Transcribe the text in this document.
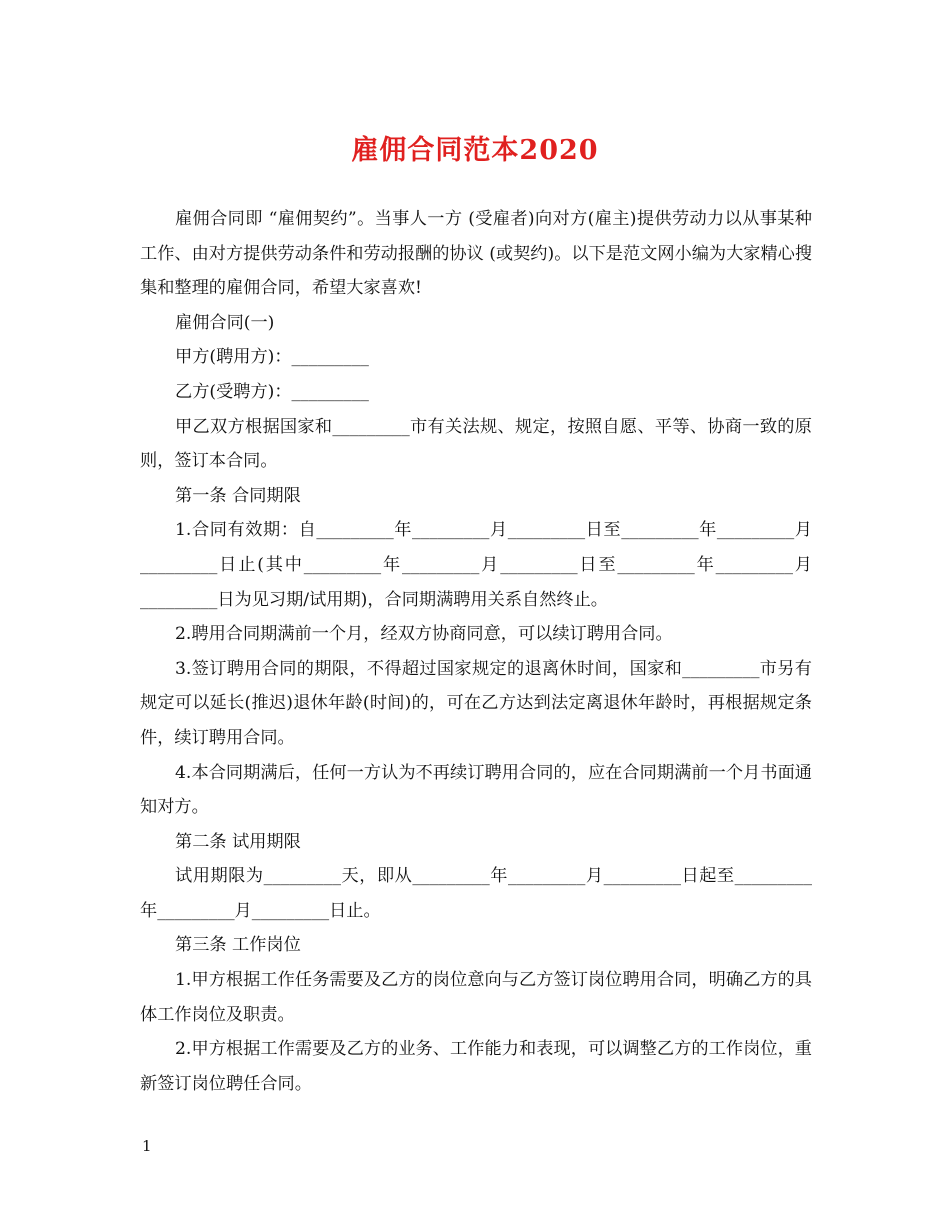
雇佣合同范本2020

雇佣合同即 “雇佣契约”。当事人一方 (受雇者)向对方(雇主)提供劳动力以从事某种工作、由对方提供劳动条件和劳动报酬的协议 (或契约)。以下是范文网小编为大家精心搜集和整理的雇佣合同，希望大家喜欢!

雇佣合同(一)

甲方(聘用方)：_________

乙方(受聘方)：_________

甲乙双方根据国家和_________市有关法规、规定，按照自愿、平等、协商一致的原则，签订本合同。

第一条 合同期限

1.合同有效期：自_________年_________月_________日至_________年_________月_________日止(其中_________年_________月_________日至_________年_________月_________日为见习期/试用期)，合同期满聘用关系自然终止。

2.聘用合同期满前一个月，经双方协商同意，可以续订聘用合同。

3.签订聘用合同的期限，不得超过国家规定的退离休时间，国家和_________市另有规定可以延长(推迟)退休年龄(时间)的，可在乙方达到法定离退休年龄时，再根据规定条件，续订聘用合同。

4.本合同期满后，任何一方认为不再续订聘用合同的，应在合同期满前一个月书面通知对方。

第二条 试用期限

试用期限为_________天，即从_________年_________月_________日起至_________年_________月_________日止。

第三条 工作岗位

1.甲方根据工作任务需要及乙方的岗位意向与乙方签订岗位聘用合同，明确乙方的具体工作岗位及职责。

2.甲方根据工作需要及乙方的业务、工作能力和表现，可以调整乙方的工作岗位，重新签订岗位聘任合同。

1
